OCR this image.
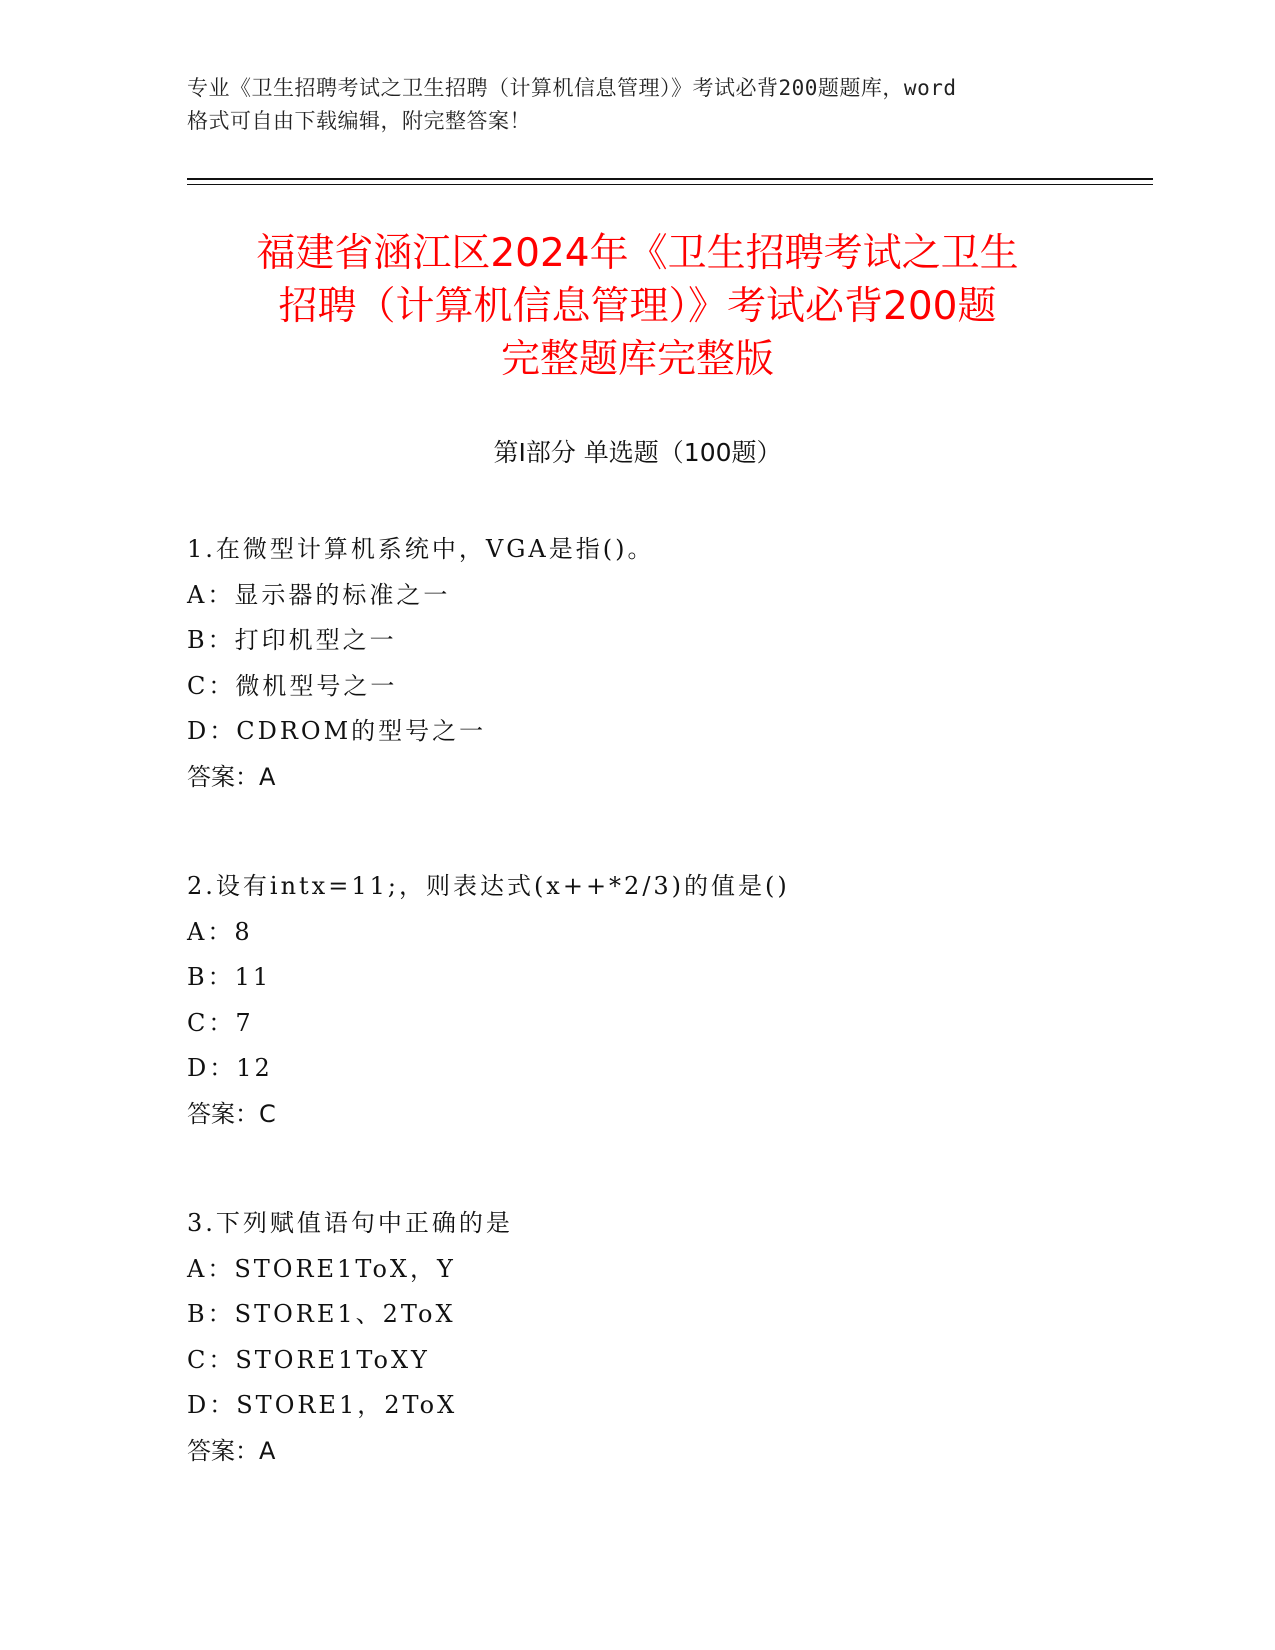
专业《卫生招聘考试之卫生招聘（计算机信息管理）》考试必背200题题库，word
格式可自由下载编辑，附完整答案！
福建省涵江区2024年《卫生招聘考试之卫生
招聘（计算机信息管理）》考试必背200题
完整题库完整版
第Ⅰ部分 单选题（100题）
1.在微型计算机系统中，VGA是指()。
A：显示器的标准之一
B：打印机型之一
C：微机型号之一
D：CDROM的型号之一
答案：A
2.设有intx=11;，则表达式(x++*2/3)的值是()
A：8
B：11
C：7
D：12
答案：C
3.下列赋值语句中正确的是
A：STORE1ToX，Y
B：STORE1、2ToX
C：STORE1ToXY
D：STORE1，2ToX
答案：A
